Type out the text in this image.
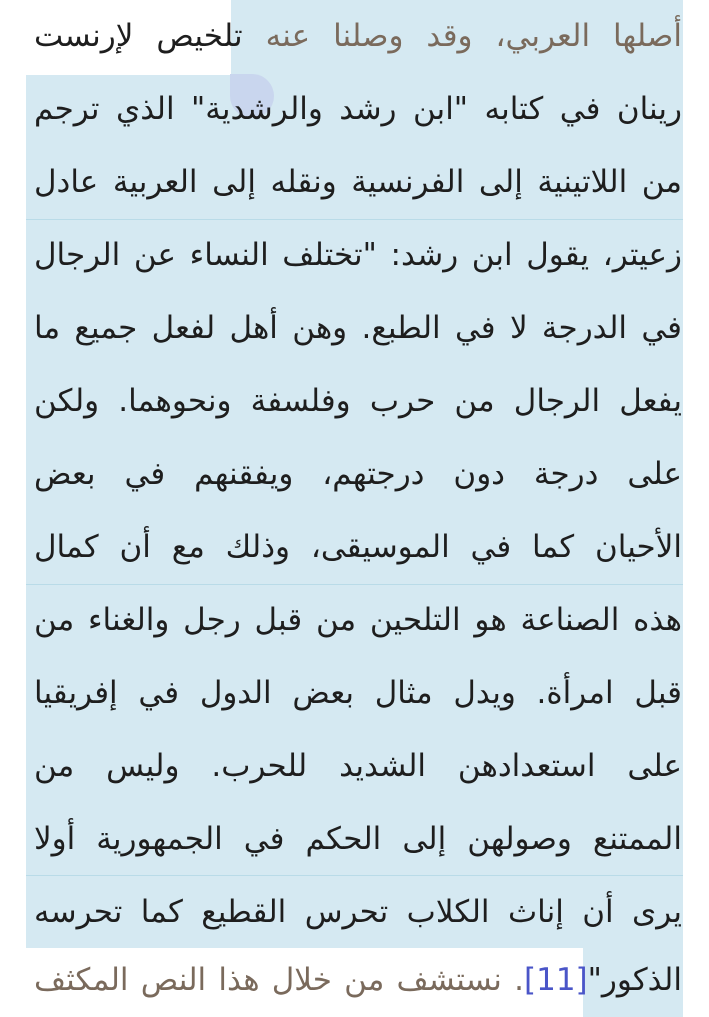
أصلها العربي، وقد وصلنا عنه تلخيص لإرنست
رينان في كتابه "ابن رشد والرشدية" الذي ترجم
من اللاتينية إلى الفرنسية ونقله إلى العربية عادل
زعيتر، يقول ابن رشد: "تختلف النساء عن الرجال
في الدرجة لا في الطبع. وهن أهل لفعل جميع ما
يفعل الرجال من حرب وفلسفة ونحوهما. ولكن
على درجة دون درجتهم، ويفقنهم في بعض
الأحيان كما في الموسيقى، وذلك مع أن كمال
هذه الصناعة هو التلحين من قبل رجل والغناء من
قبل امرأة. ويدل مثال بعض الدول في إفريقيا
على استعدادهن الشديد للحرب. وليس من
الممتنع وصولهن إلى الحكم في الجمهورية أولا
يرى أن إناث الكلاب تحرس القطيع كما تحرسه
الذكور"[11]. نستشف من خلال هذا النص المكثف
